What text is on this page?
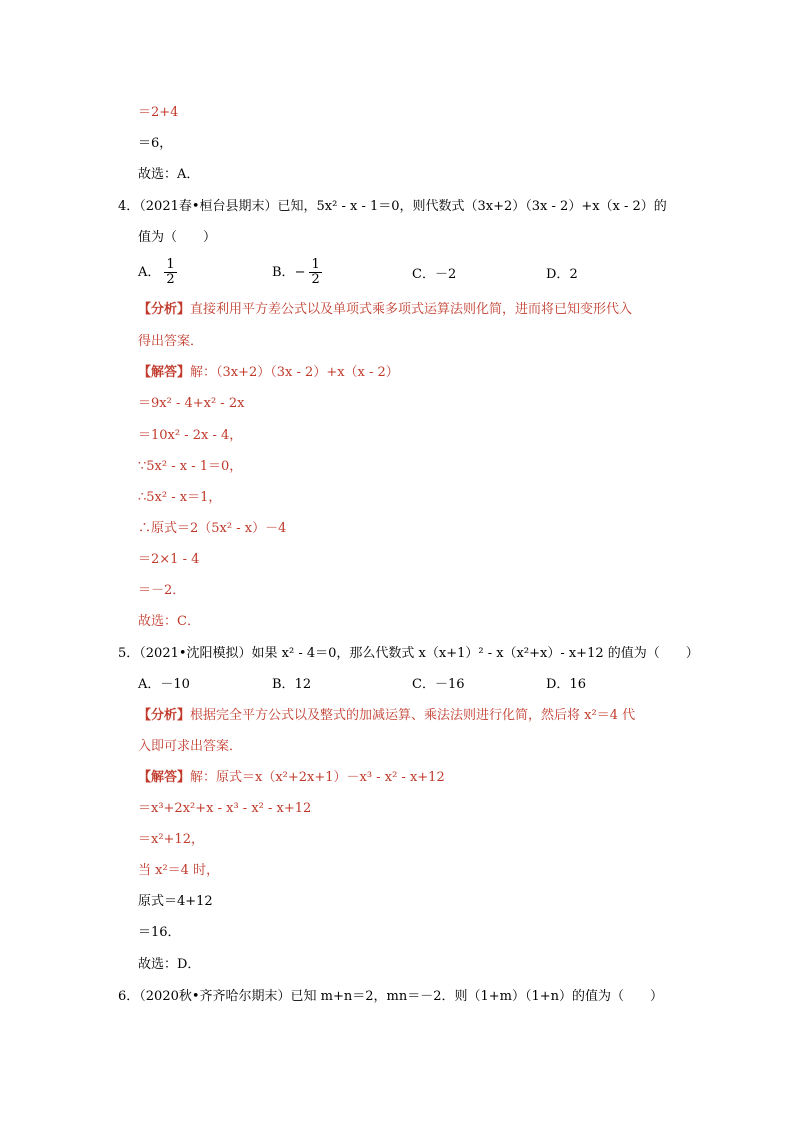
＝2+4
＝6，
故选：A．
4．（2021春•桓台县期末）已知，5x² - x - 1＝0，则代数式（3x+2）（3x - 2）+x（x - 2）的
值为（　　）
A． $\frac{1}{2}$	B．− $\frac{1}{2}$	C．－2	D．2
【分析】直接利用平方差公式以及单项式乘多项式运算法则化简，进而将已知变形代入
得出答案．
【解答】解：（3x+2）（3x - 2）+x（x - 2）
＝9x² - 4+x² - 2x
＝10x² - 2x - 4，
∵5x² - x - 1＝0，
∴5x² - x＝1，
∴原式＝2（5x² - x）－4
＝2×1 - 4
＝－2．
故选：C．
5．（2021•沈阳模拟）如果 x² - 4＝0，那么代数式 x（x+1）² - x（x²+x）- x+12 的值为（　　）
A．－10	B．12	C．－16	D．16
【分析】根据完全平方公式以及整式的加减运算、乘法法则进行化简，然后将 x²＝4 代
入即可求出答案．
【解答】解：原式＝x（x²+2x+1）－x³ - x² - x+12
＝x³+2x²+x - x³ - x² - x+12
＝x²+12，
当 x²＝4 时，
原式＝4+12
＝16．
故选：D．
6．（2020秋•齐齐哈尔期末）已知 m+n＝2，mn＝－2．则（1+m）（1+n）的值为（　　）
